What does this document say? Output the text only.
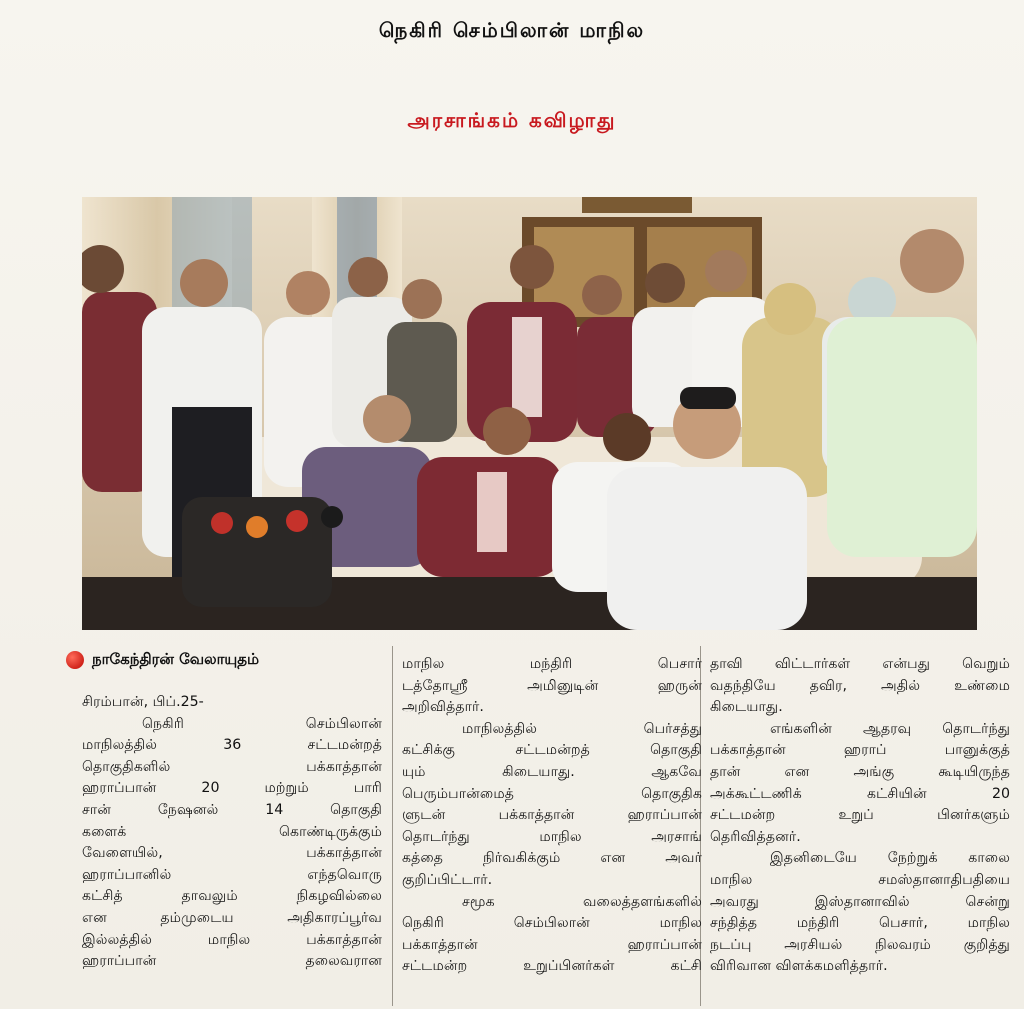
நெகிரி செம்பிலான் மாநில
அரசாங்கம் கவிழாது
நாகேந்திரன் வேலாயுதம்
சிரம்பான், பிப்.25-
நெகிரி செம்பிலான்
மாநிலத்தில் 36 சட்டமன்றத்
தொகுதிகளில் பக்காத்தான்
ஹராப்பான் 20 மற்றும் பாரி
சான் நேஷனல் 14 தொகுதி
களைக் கொண்டிருக்கும்
வேளையில், பக்காத்தான்
ஹராப்பானில் எந்தவொரு
கட்சித் தாவலும் நிகழவில்லை
என தம்முடைய அதிகாரப்பூர்வ
இல்லத்தில் மாநில பக்காத்தான்
ஹராப்பான் தலைவரான
மாநில மந்திரி பெசார்
டத்தோஸ்ரீ அமினுடின் ஹருன்
அறிவித்தார்.
மாநிலத்தில் பெர்சத்து
கட்சிக்கு சட்டமன்றத் தொகுதி
யும் கிடையாது. ஆகவே
பெரும்பான்மைத் தொகுதிக
ளுடன் பக்காத்தான் ஹராப்பான்
தொடர்ந்து மாநில அரசாங்
கத்தை நிர்வகிக்கும் என அவர்
குறிப்பிட்டார்.
சமூக வலைத்தளங்களில்
நெகிரி செம்பிலான் மாநில
பக்காத்தான் ஹராப்பான்
சட்டமன்ற உறுப்பினர்கள் கட்சி
தாவி விட்டார்கள் என்பது வெறும்
வதந்தியே தவிர, அதில் உண்மை
கிடையாது.
எங்களின் ஆதரவு தொடர்ந்து
பக்காத்தான் ஹராப் பானுக்குத்
தான் என அங்கு கூடியிருந்த
அக்கூட்டணிக் கட்சியின் 20
சட்டமன்ற உறுப் பினர்களும்
தெரிவித்தனர்.
இதனிடையே நேற்றுக் காலை
மாநில சமஸ்தானாதிபதியை
அவரது இஸ்தானாவில் சென்று
சந்தித்த மந்திரி பெசார், மாநில
நடப்பு அரசியல் நிலவரம் குறித்து
விரிவான விளக்கமளித்தார்.
